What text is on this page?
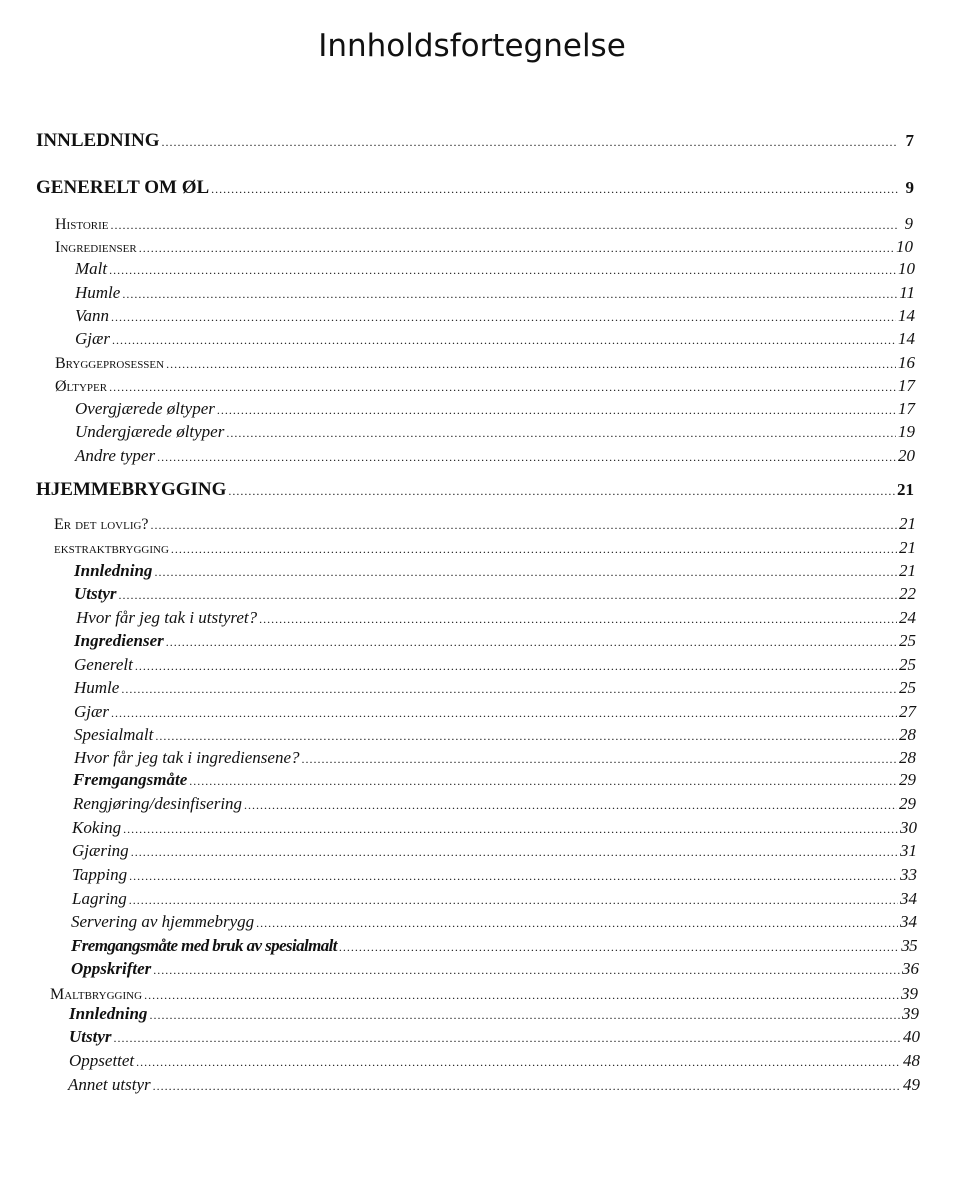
Innholdsfortegnelse
INNLEDNING .....	7
GENERELT OM ØL .....	9
Historie .....	9
Ingredienser .....	10
Malt .....	10
Humle .....	11
Vann .....	14
Gjær .....	14
Bryggeprosessen .....	16
Øltyper .....	17
Overgjærede øltyper .....	17
Undergjærede øltyper .....	19
Andre typer .....	20
HJEMMEBRYGGING .....	21
Er det lovlig? .....	21
ekstraktbrygging .....	21
Innledning .....	21
Utstyr .....	22
Hvor får jeg tak i utstyret? .....	24
Ingredienser .....	25
Generelt .....	25
Humle .....	25
Gjær .....	27
Spesialmalt .....	28
Hvor får jeg tak i ingrediensene? .....	28
Fremgangsmåte .....	29
Rengjøring/desinfisering .....	29
Koking .....	30
Gjæring .....	31
Tapping .....	33
Lagring .....	34
Servering av hjemmebrygg .....	34
Fremgangsmåte med bruk av spesialmalt .....	35
Oppskrifter .....	36
Maltbrygging .....	39
Innledning .....	39
Utstyr .....	40
Oppsettet .....	48
Annet utstyr .....	49
